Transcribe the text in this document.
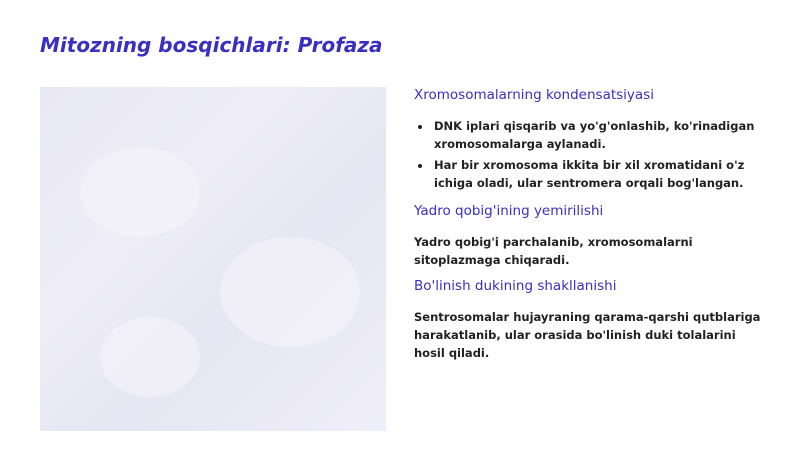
Mitozning bosqichlari: Profaza
Xromosomalarning kondensatsiyasi
DNK iplari qisqarib va yo'g'onlashib, ko'rinadigan xromosomalarga aylanadi.
Har bir xromosoma ikkita bir xil xromatidani o'z ichiga oladi, ular sentromera orqali bog'langan.
Yadro qobig'ining yemirilishi

Yadro qobig'i parchalanib, xromosomalarni sitoplazmaga chiqaradi.

Bo'linish dukining shakllanishi

Sentrosomalar hujayraning qarama-qarshi qutblariga harakatlanib, ular orasida bo'linish duki tolalarini hosil qiladi.
